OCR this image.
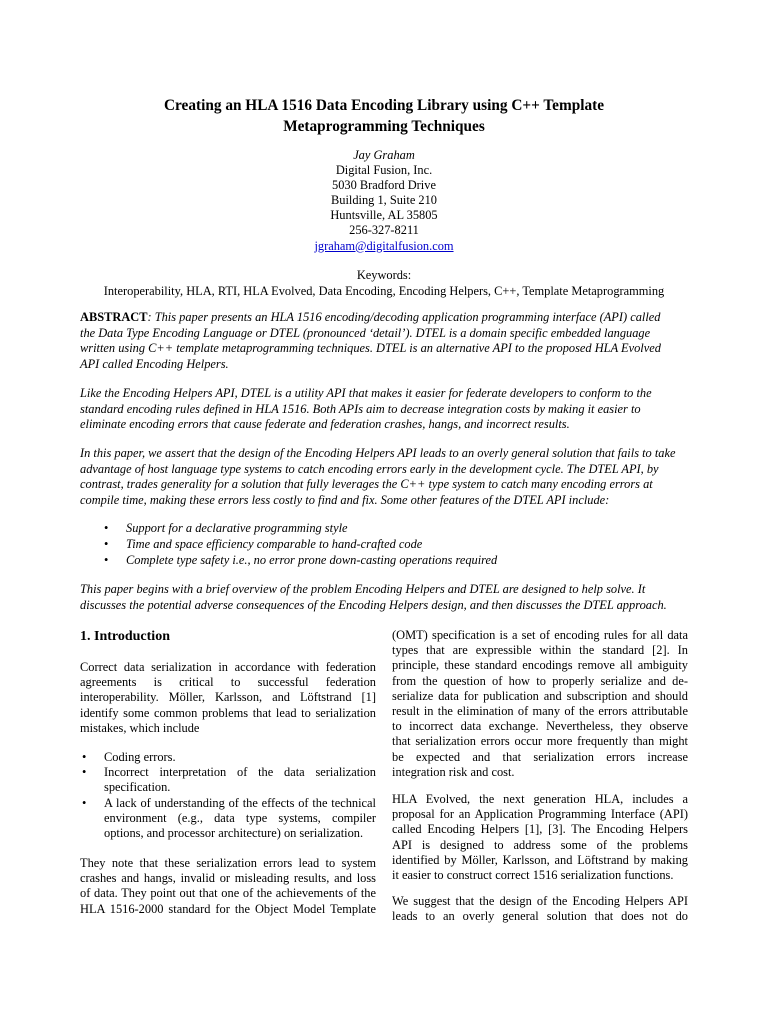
Creating an HLA 1516 Data Encoding Library using C++ Template
Metaprogramming Techniques
Jay Graham
Digital Fusion, Inc.
5030 Bradford Drive
Building 1, Suite 210
Huntsville, AL 35805
256-327-8211
jgraham@digitalfusion.com
Keywords:
Interoperability, HLA, RTI, HLA Evolved, Data Encoding, Encoding Helpers, C++, Template Metaprogramming
ABSTRACT: This paper presents an HLA 1516 encoding/decoding application programming interface (API) called
the Data Type Encoding Language or DTEL (pronounced ‘detail’). DTEL is a domain specific embedded language
written using C++ template metaprogramming techniques. DTEL is an alternative API to the proposed HLA Evolved
API called Encoding Helpers.
Like the Encoding Helpers API, DTEL is a utility API that makes it easier for federate developers to conform to the
standard encoding rules defined in HLA 1516. Both APIs aim to decrease integration costs by making it easier to
eliminate encoding errors that cause federate and federation crashes, hangs, and incorrect results.
In this paper, we assert that the design of the Encoding Helpers API leads to an overly general solution that fails to take
advantage of host language type systems to catch encoding errors early in the development cycle. The DTEL API, by
contrast, trades generality for a solution that fully leverages the C++ type system to catch many encoding errors at
compile time, making these errors less costly to find and fix. Some other features of the DTEL API include:
• Support for a declarative programming style
• Time and space efficiency comparable to hand-crafted code
• Complete type safety i.e., no error prone down-casting operations required
This paper begins with a brief overview of the problem Encoding Helpers and DTEL are designed to help solve. It
discusses the potential adverse consequences of the Encoding Helpers design, and then discusses the DTEL approach.
1. Introduction
Correct data serialization in accordance with federation
agreements is critical to successful federation
interoperability. Möller, Karlsson, and Löftstrand [1]
identify some common problems that lead to serialization
mistakes, which include
• Coding errors.
• Incorrect interpretation of the data serialization
specification.
• A lack of understanding of the effects of the technical
environment (e.g., data type systems, compiler
options, and processor architecture) on serialization.
They note that these serialization errors lead to system
crashes and hangs, invalid or misleading results, and loss
of data. They point out that one of the achievements of the
HLA 1516-2000 standard for the Object Model Template
(OMT) specification is a set of encoding rules for all data
types that are expressible within the standard [2]. In
principle, these standard encodings remove all ambiguity
from the question of how to properly serialize and de-
serialize data for publication and subscription and should
result in the elimination of many of the errors attributable
to incorrect data exchange. Nevertheless, they observe
that serialization errors occur more frequently than might
be expected and that serialization errors increase
integration risk and cost.
HLA Evolved, the next generation HLA, includes a
proposal for an Application Programming Interface (API)
called Encoding Helpers [1], [3]. The Encoding Helpers
API is designed to address some of the problems
identified by Möller, Karlsson, and Löftstrand by making
it easier to construct correct 1516 serialization functions.
We suggest that the design of the Encoding Helpers API
leads to an overly general solution that does not do
